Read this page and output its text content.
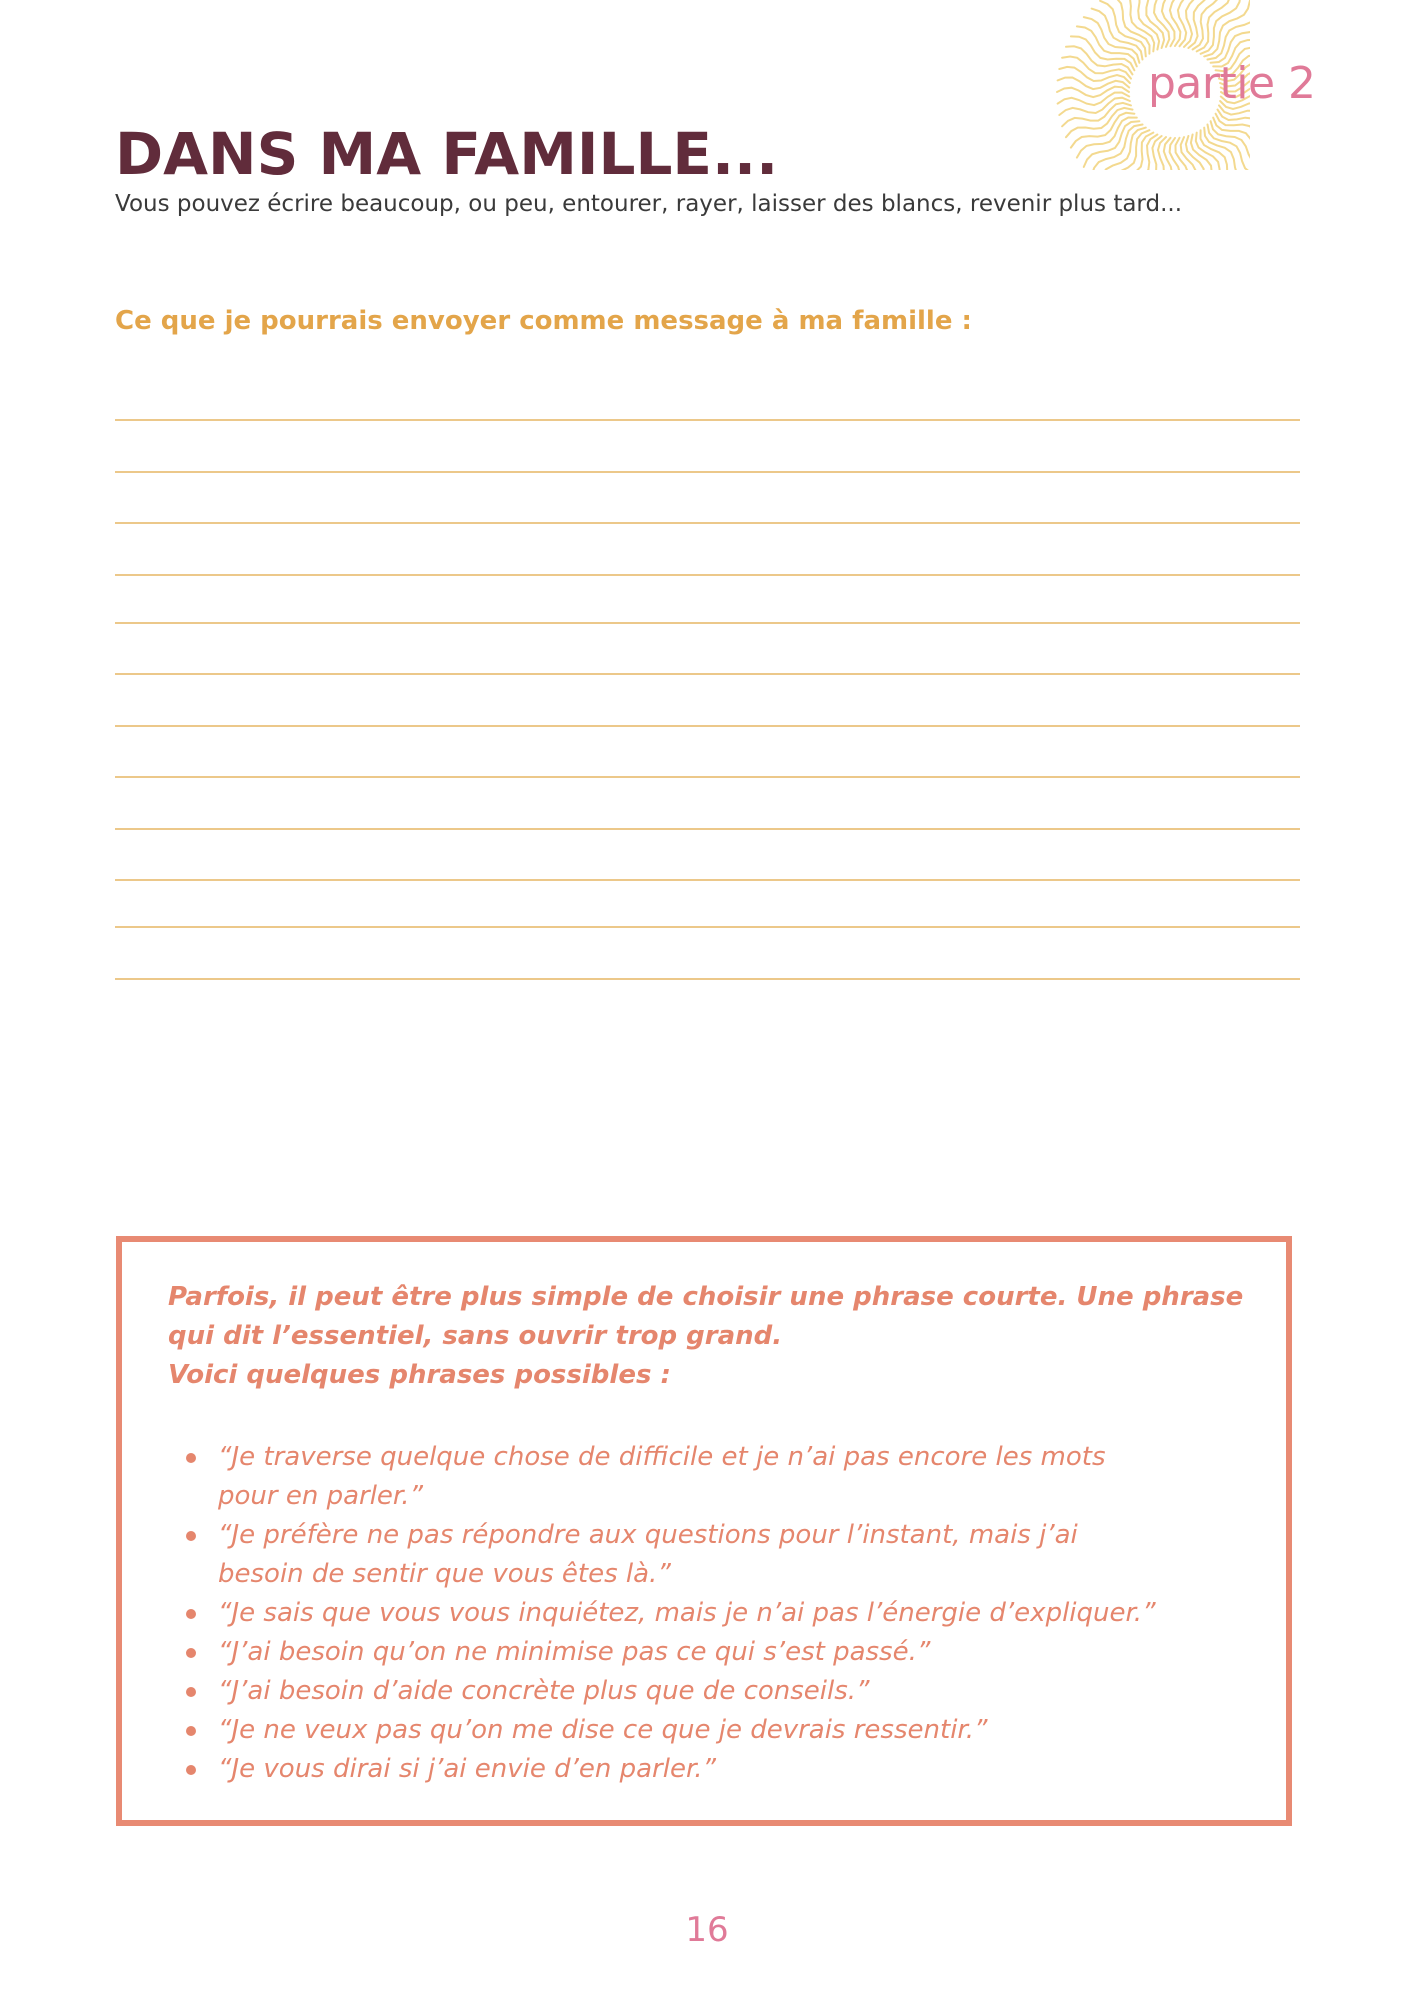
partie 2
DANS MA FAMILLE...
Vous pouvez écrire beaucoup, ou peu, entourer, rayer, laisser des blancs, revenir plus tard...
Ce que je pourrais envoyer comme message à ma famille :
Parfois, il peut être plus simple de choisir une phrase courte. Une phrase
qui dit l’essentiel, sans ouvrir trop grand.
Voici quelques phrases possibles :
“Je traverse quelque chose de difficile et je n’ai pas encore les mots
pour en parler.”
“Je préfère ne pas répondre aux questions pour l’instant, mais j’ai
besoin de sentir que vous êtes là.”
“Je sais que vous vous inquiétez, mais je n’ai pas l’énergie d’expliquer.”
“J’ai besoin qu’on ne minimise pas ce qui s’est passé.”
“J’ai besoin d’aide concrète plus que de conseils.”
“Je ne veux pas qu’on me dise ce que je devrais ressentir.”
“Je vous dirai si j’ai envie d’en parler.”
16
